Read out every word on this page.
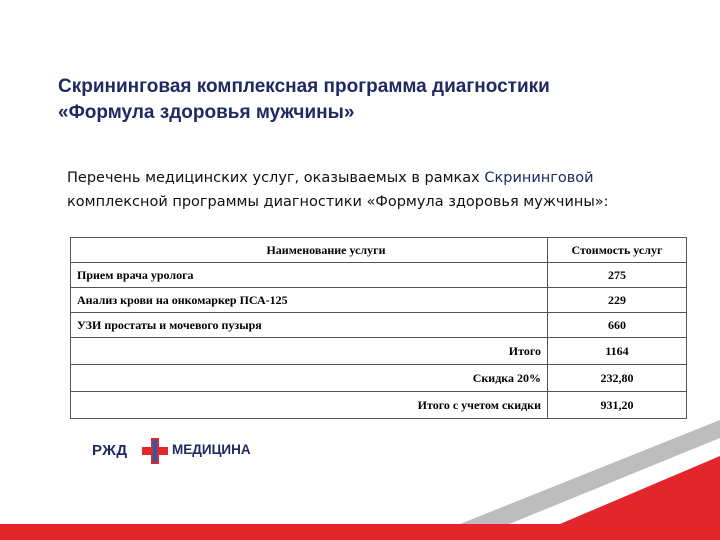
Скрининговая комплексная программа диагностики
«Формула здоровья мужчины»
Перечень медицинских услуг, оказываемых в рамках Скрининговой
комплексной программы диагностики «Формула здоровья мужчины»:
Наименование услуги	Стоимость услуг
Прием врача уролога	275
Анализ крови на онкомаркер ПСА-125	229
УЗИ простаты и мочевого пузыря	660
Итого	1164
Скидка 20%	232,80
Итого с учетом скидки	931,20
РЖД	МЕДИЦИНА
